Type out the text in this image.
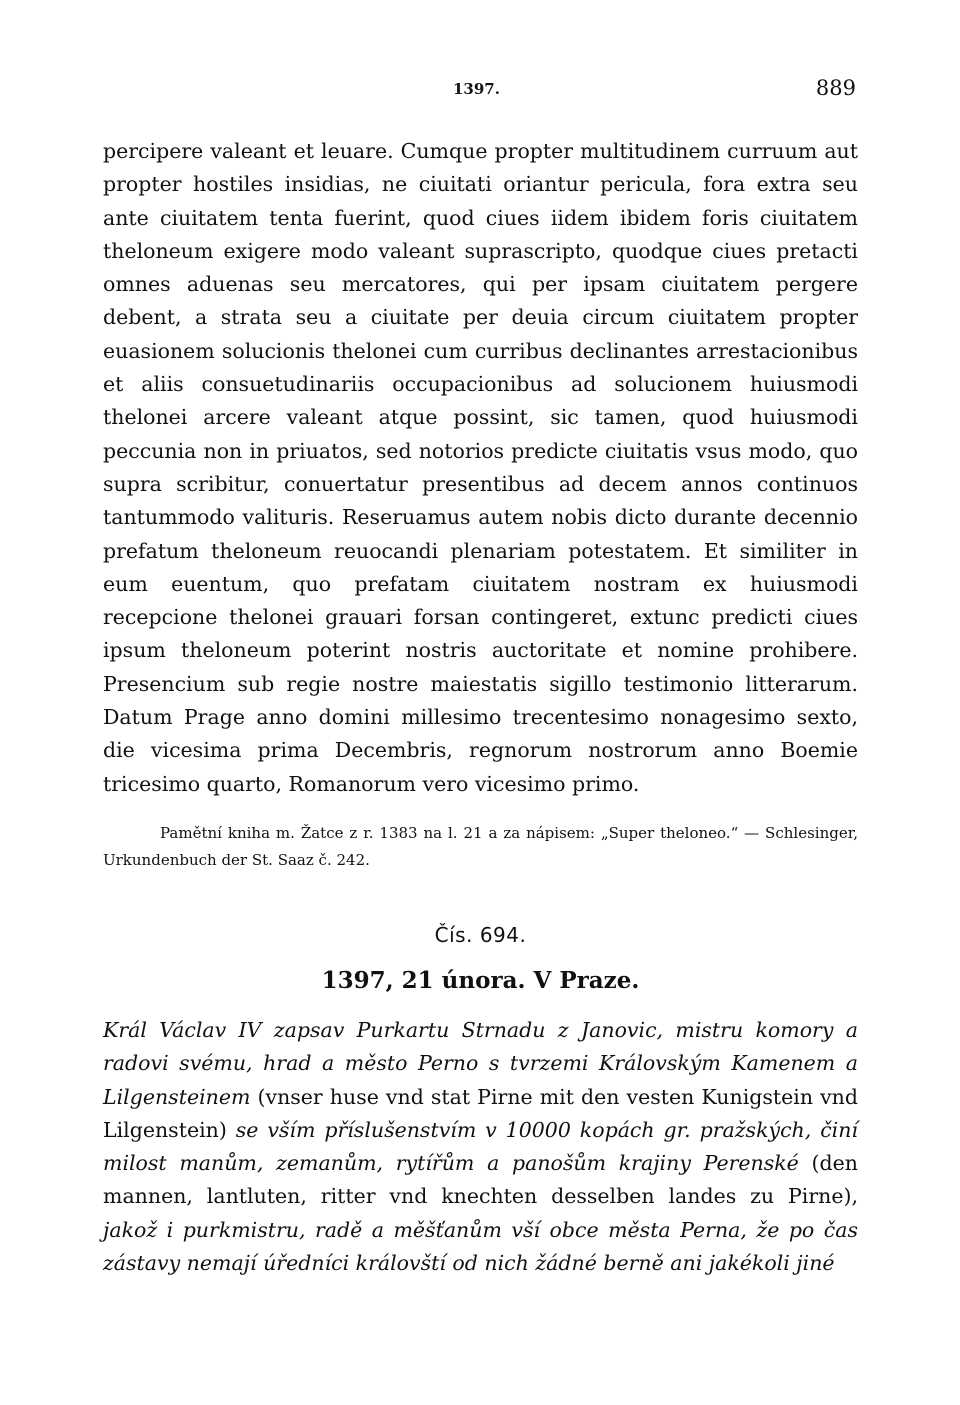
1397.	889

percipere valeant et leuare. Cumque propter multitudinem curruum aut propter hostiles insidias, ne ciuitati oriantur pericula, fora extra seu ante ciuitatem tenta fuerint, quod ciues iidem ibidem foris ciuitatem theloneum exigere modo valeant suprascripto, quodque ciues pretacti omnes aduenas seu mercatores, qui per ipsam ciuitatem pergere debent, a strata seu a ciuitate per deuia circum ciuitatem propter euasionem solucionis thelonei cum curribus declinantes arrestacionibus et aliis consuetudinariis occupacionibus ad solucionem huiusmodi thelonei arcere valeant atque possint, sic tamen, quod huiusmodi peccunia non in priuatos, sed notorios predicte ciuitatis vsus modo, quo supra scribitur, conuertatur presentibus ad decem annos continuos tantummodo valituris. Reseruamus autem nobis dicto durante decennio prefatum theloneum reuocandi plenariam potestatem. Et similiter in eum euentum, quo prefatam ciuitatem nostram ex huiusmodi recepcione thelonei grauari forsan contingeret, extunc predicti ciues ipsum theloneum poterint nostris auctoritate et nomine prohibere. Presencium sub regie nostre maiestatis sigillo testimonio litterarum. Datum Prage anno domini millesimo trecentesimo nonagesimo sexto, die vicesima prima Decembris, regnorum nostrorum anno Boemie tricesimo quarto, Romanorum vero vicesimo primo.

Pamětní kniha m. Žatce z r. 1383 na l. 21 a za nápisem: „Super theloneo.“ — Schlesinger, Urkundenbuch der St. Saaz č. 242.

Čís. 694.
1397, 21 února. V Praze.

Král Václav IV zapsav Purkartu Strnadu z Janovic, mistru komory a radovi svému, hrad a město Perno s tvrzemi Královským Kamenem a Lilgensteinem (vnser huse vnd stat Pirne mit den vesten Kunigstein vnd Lilgenstein) se vším příslušenstvím v 10000 kopách gr. pražských, činí milost manům, zemanům, rytířům a panošům krajiny Perenské (den mannen, lantluten, ritter vnd knechten desselben landes zu Pirne), jakož i purkmistru, radě a měšťanům vší obce města Perna, že po čas zástavy nemají úředníci královští od nich žádné berně ani jakékoli jiné
